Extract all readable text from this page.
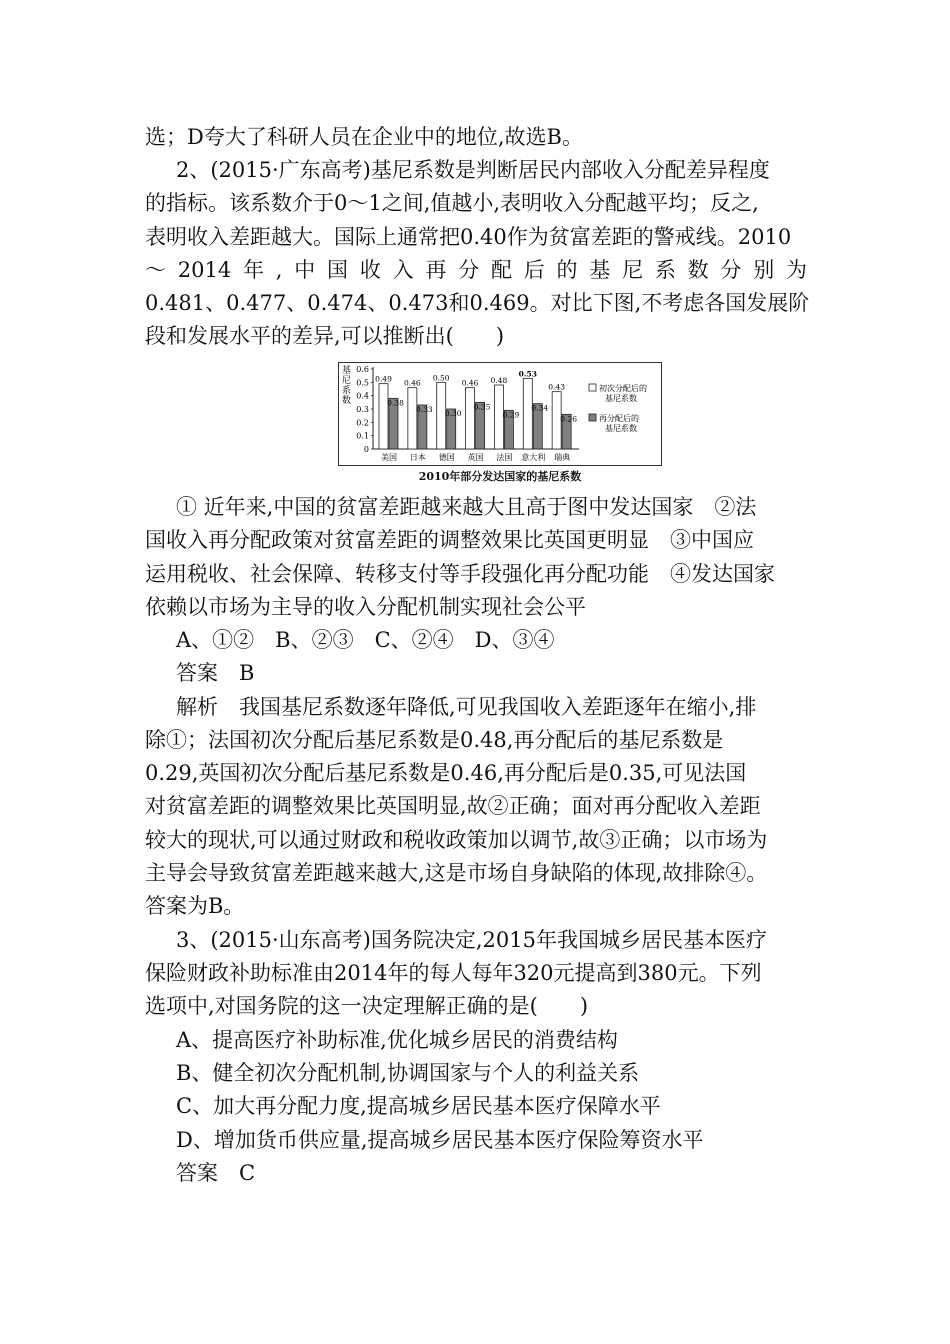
选；D夸大了科研人员在企业中的地位,故选B。
2、(2015·广东高考)基尼系数是判断居民内部收入分配差异程度
的指标。该系数介于0～1之间,值越小,表明收入分配越平均；反之,
表明收入差距越大。国际上通常把0.40作为贫富差距的警戒线。2010
～ 2014 年 , 中 国 收 入 再 分 配 后 的 基 尼 系 数 分 别 为
0.481、0.477、0.474、0.473和0.469。对比下图,不考虑各国发展阶
段和发展水平的差异,可以推断出(　　)
基
尼
系
数
0
0.1
0.2
0.3
0.4
0.5
0.6
0.49
0.38
美国
0.46
0.33
日本
0.50
0.30
德国
0.46
0.35
英国
0.48
0.29
法国
0.53
0.34
意大利
0.43
0.26
瑞典
初次分配后的
基尼系数
再分配后的
基尼系数
2010年部分发达国家的基尼系数
① 近年来,中国的贫富差距越来越大且高于图中发达国家　②法
国收入再分配政策对贫富差距的调整效果比英国更明显　③中国应
运用税收、社会保障、转移支付等手段强化再分配功能　④发达国家
依赖以市场为主导的收入分配机制实现社会公平
A、①②　B、②③　C、②④　D、③④
答案　B
解析　我国基尼系数逐年降低,可见我国收入差距逐年在缩小,排
除①；法国初次分配后基尼系数是0.48,再分配后的基尼系数是
0.29,英国初次分配后基尼系数是0.46,再分配后是0.35,可见法国
对贫富差距的调整效果比英国明显,故②正确；面对再分配收入差距
较大的现状,可以通过财政和税收政策加以调节,故③正确；以市场为
主导会导致贫富差距越来越大,这是市场自身缺陷的体现,故排除④。
答案为B。
3、(2015·山东高考)国务院决定,2015年我国城乡居民基本医疗
保险财政补助标准由2014年的每人每年320元提高到380元。下列
选项中,对国务院的这一决定理解正确的是(　　)
A、提高医疗补助标准,优化城乡居民的消费结构
B、健全初次分配机制,协调国家与个人的利益关系
C、加大再分配力度,提高城乡居民基本医疗保障水平
D、增加货币供应量,提高城乡居民基本医疗保险筹资水平
答案　C
